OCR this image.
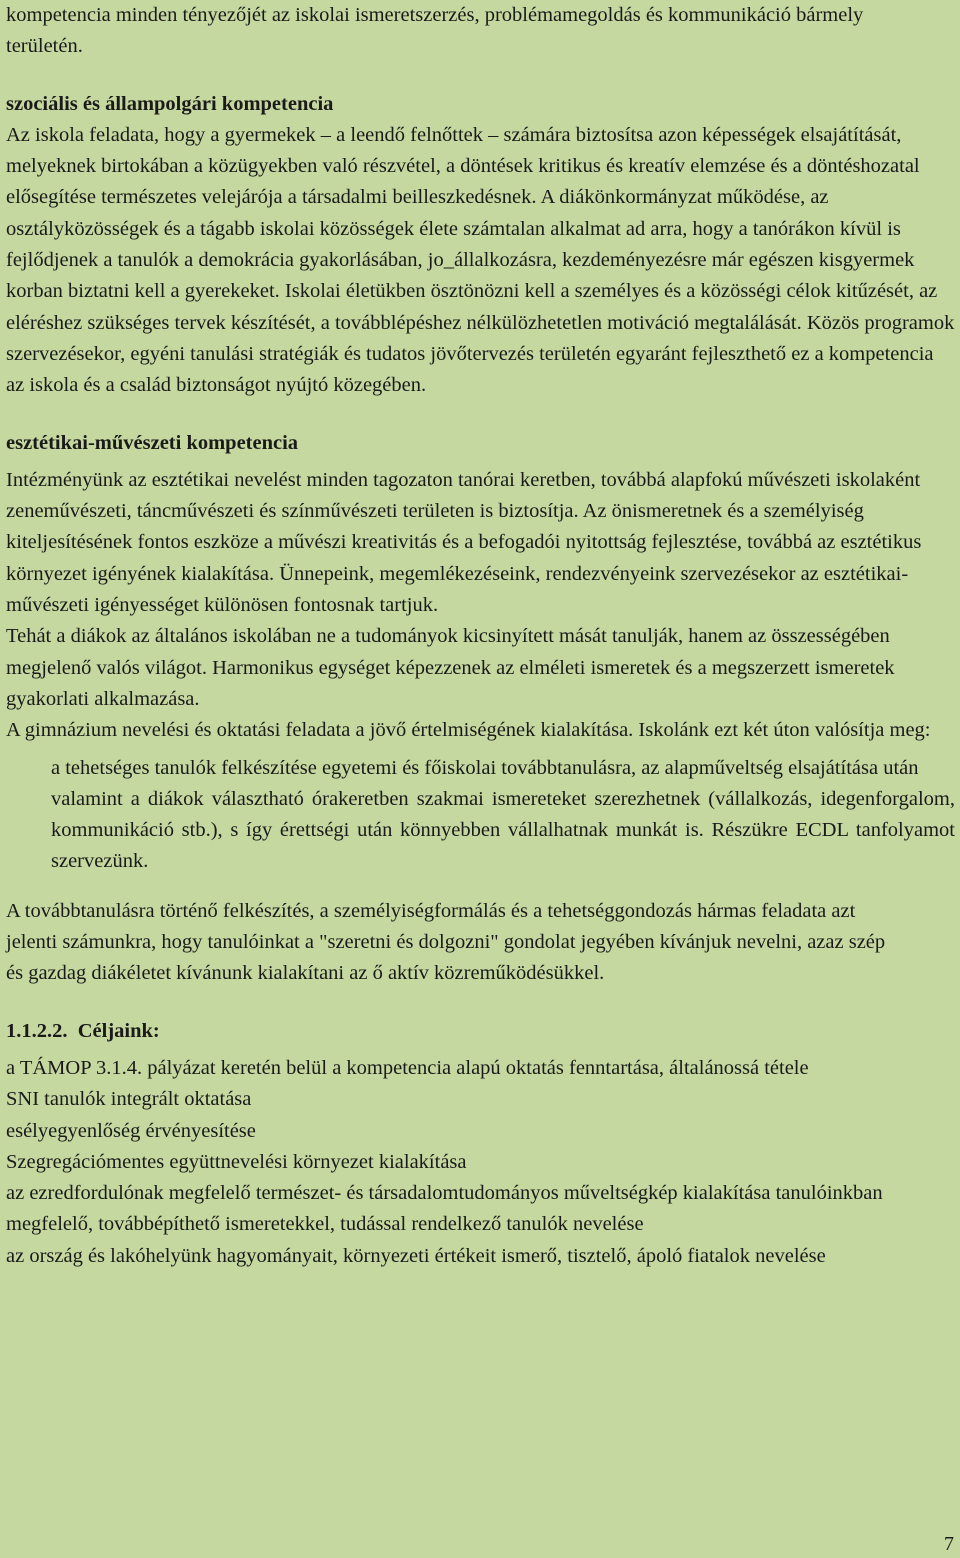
kompetencia minden tényezőjét az iskolai ismeretszerzés, problémamegoldás és kommunikáció bármely területén.

szociális és állampolgári kompetencia

Az iskola feladata, hogy a gyermekek – a leendő felnőttek – számára biztosítsa azon képességek elsajátítását, melyeknek birtokában a közügyekben való részvétel, a döntések kritikus és kreatív elemzése és a döntéshozatal elősegítése természetes velejárója a társadalmi beilleszkedésnek. A diákönkormányzat működése, az osztályközösségek és a tágabb iskolai közösségek élete számtalan alkalmat ad arra, hogy a tanórákon kívül is fejlődjenek a tanulók a demokrácia gyakorlásában, jo_állalkozásra, kezdeményezésre már egészen kisgyermek korban biztatni kell a gyerekeket. Iskolai életükben ösztönözni kell a személyes és a közösségi célok kitűzését, az eléréshez szükséges tervek készítését, a továbblépéshez nélkülözhetetlen motiváció megtalálását. Közös programok szervezésekor, egyéni tanulási stratégiák és tudatos jövőtervezés területén egyaránt fejleszthető ez a kompetencia az iskola és a család biztonságot nyújtó közegében.

esztétikai-művészeti kompetencia

Intézményünk az esztétikai nevelést minden tagozaton tanórai keretben, továbbá alapfokú művészeti iskolaként zeneművészeti, táncművészeti és színművészeti területen is biztosítja. Az önismeretnek és a személyiség kiteljesítésének fontos eszköze a művészi kreativitás és a befogadói nyitottság fejlesztése, továbbá az esztétikus környezet igényének kialakítása. Ünnepeink, megemlékezéseink, rendezvényeink szervezésekor az esztétikai-művészeti igényességet különösen fontosnak tartjuk.

Tehát a diákok az általános iskolában ne a tudományok kicsinyített mását tanulják, hanem az összességében megjelenő valós világot. Harmonikus egységet képezzenek az elméleti ismeretek és a megszerzett ismeretek gyakorlati alkalmazása.

A gimnázium nevelési és oktatási feladata a jövő értelmiségének kialakítása. Iskolánk ezt két úton valósítja meg:

a tehetséges tanulók felkészítése egyetemi és főiskolai továbbtanulásra, az alapműveltség elsajátítása után

valamint a diákok választható órakeretben szakmai ismereteket szerezhetnek (vállalkozás, idegenforgalom, kommunikáció stb.), s így érettségi után könnyebben vállalhatnak munkát is. Részükre ECDL tanfolyamot szervezünk.

A továbbtanulásra történő felkészítés, a személyiségformálás és a tehetséggondozás hármas feladata azt jelenti számunkra, hogy tanulóinkat a "szeretni és dolgozni" gondolat jegyében kívánjuk nevelni, azaz szép és gazdag diákéletet kívánunk kialakítani az ő aktív közreműködésükkel.

1.1.2.2.  Céljaink:

a TÁMOP 3.1.4. pályázat keretén belül a kompetencia alapú oktatás fenntartása, általánossá tétele

SNI tanulók integrált oktatása

esélyegyenlőség érvényesítése

Szegregációmentes együttnevelési környezet kialakítása

az ezredfordulónak megfelelő természet- és társadalomtudományos műveltségkép kialakítása tanulóinkban

megfelelő, továbbépíthető ismeretekkel, tudással rendelkező tanulók nevelése

az ország és lakóhelyünk hagyományait, környezeti értékeit ismerő, tisztelő, ápoló fiatalok nevelése

7
